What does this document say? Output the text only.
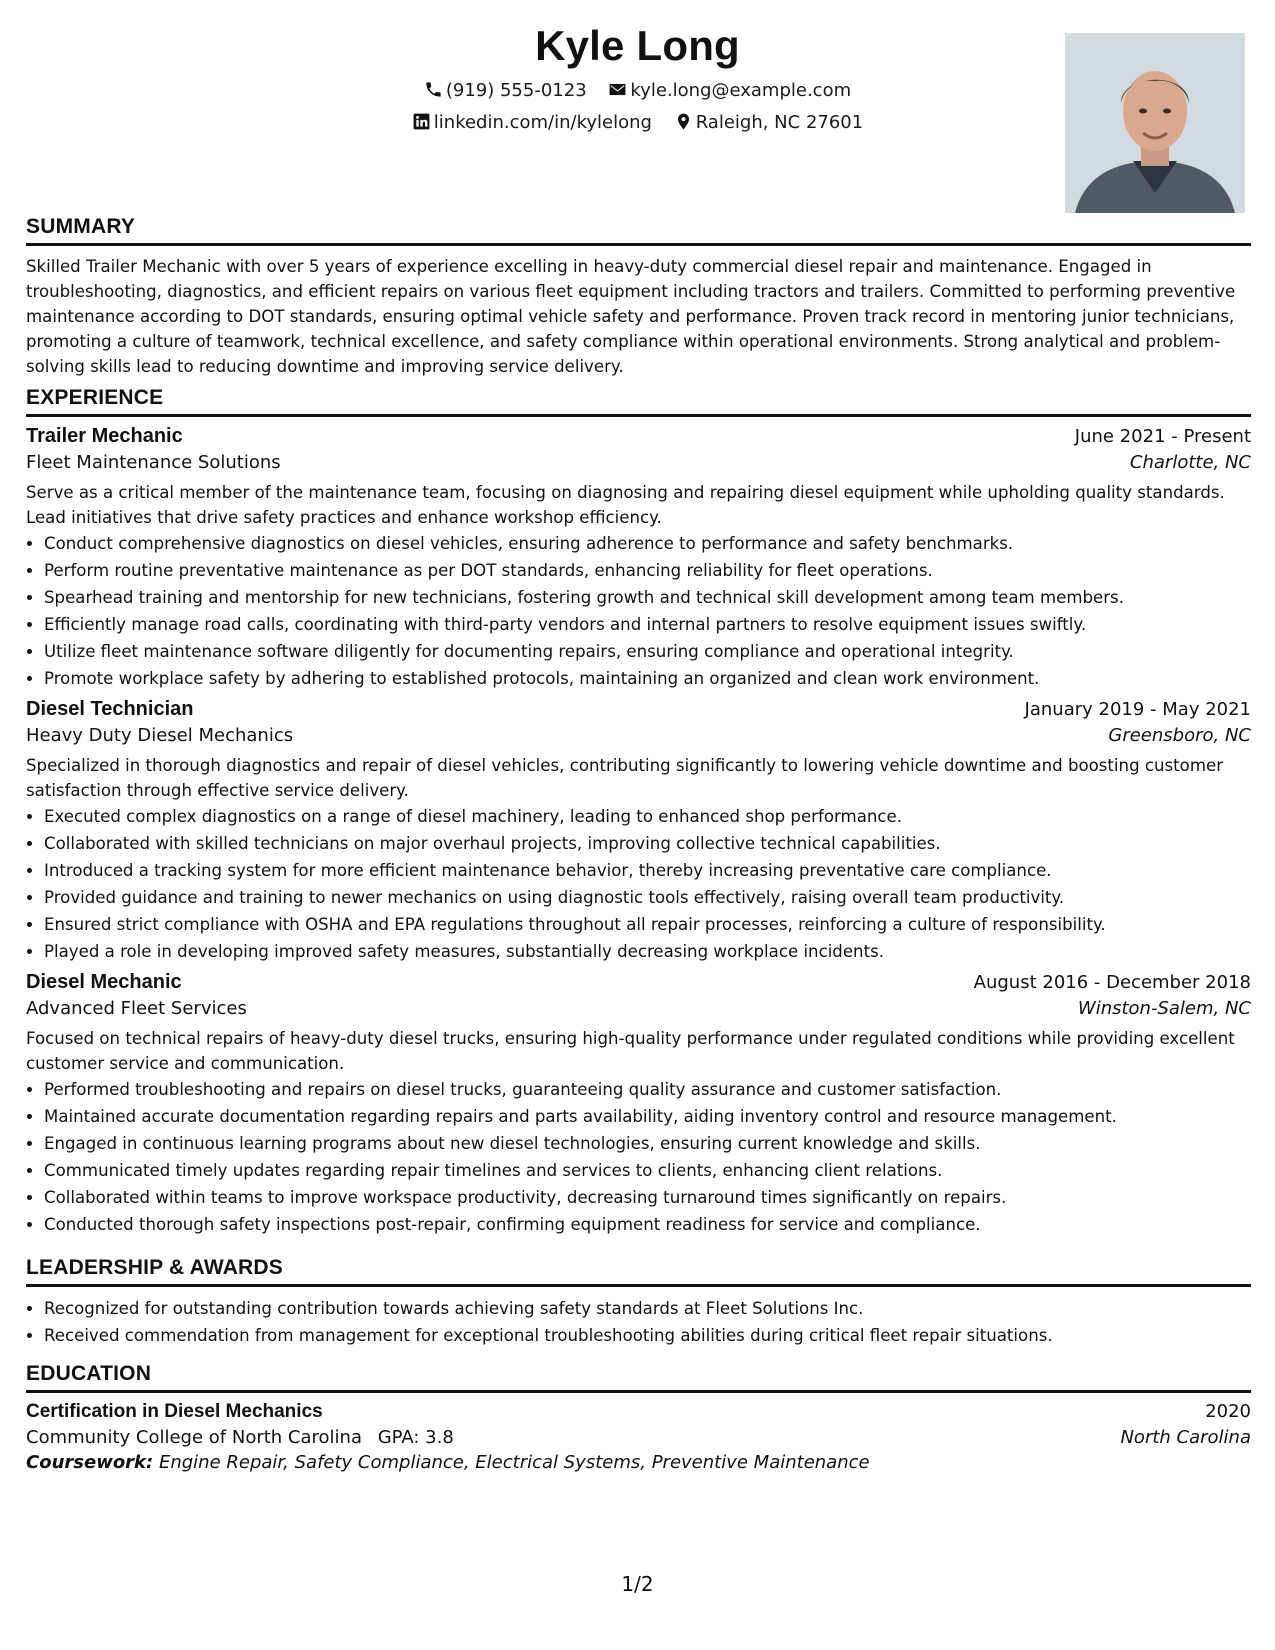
Kyle Long
(919) 555-0123 kyle.long@example.com
linkedin.com/in/kylelong Raleigh, NC 27601
SUMMARY

Skilled Trailer Mechanic with over 5 years of experience excelling in heavy-duty commercial diesel repair and maintenance. Engaged in troubleshooting, diagnostics, and efficient repairs on various fleet equipment including tractors and trailers. Committed to performing preventive maintenance according to DOT standards, ensuring optimal vehicle safety and performance. Proven track record in mentoring junior technicians, promoting a culture of teamwork, technical excellence, and safety compliance within operational environments. Strong analytical and problem-solving skills lead to reducing downtime and improving service delivery.

EXPERIENCE
Trailer Mechanic	June 2021 - Present
Fleet Maintenance Solutions	Charlotte, NC

Serve as a critical member of the maintenance team, focusing on diagnosing and repairing diesel equipment while upholding quality standards. Lead initiatives that drive safety practices and enhance workshop efficiency.

• Conduct comprehensive diagnostics on diesel vehicles, ensuring adherence to performance and safety benchmarks.
• Perform routine preventative maintenance as per DOT standards, enhancing reliability for fleet operations.
• Spearhead training and mentorship for new technicians, fostering growth and technical skill development among team members.
• Efficiently manage road calls, coordinating with third-party vendors and internal partners to resolve equipment issues swiftly.
• Utilize fleet maintenance software diligently for documenting repairs, ensuring compliance and operational integrity.
• Promote workplace safety by adhering to established protocols, maintaining an organized and clean work environment.
Diesel Technician	January 2019 - May 2021
Heavy Duty Diesel Mechanics	Greensboro, NC

Specialized in thorough diagnostics and repair of diesel vehicles, contributing significantly to lowering vehicle downtime and boosting customer satisfaction through effective service delivery.

• Executed complex diagnostics on a range of diesel machinery, leading to enhanced shop performance.
• Collaborated with skilled technicians on major overhaul projects, improving collective technical capabilities.
• Introduced a tracking system for more efficient maintenance behavior, thereby increasing preventative care compliance.
• Provided guidance and training to newer mechanics on using diagnostic tools effectively, raising overall team productivity.
• Ensured strict compliance with OSHA and EPA regulations throughout all repair processes, reinforcing a culture of responsibility.
• Played a role in developing improved safety measures, substantially decreasing workplace incidents.
Diesel Mechanic	August 2016 - December 2018
Advanced Fleet Services	Winston-Salem, NC

Focused on technical repairs of heavy-duty diesel trucks, ensuring high-quality performance under regulated conditions while providing excellent customer service and communication.

• Performed troubleshooting and repairs on diesel trucks, guaranteeing quality assurance and customer satisfaction.
• Maintained accurate documentation regarding repairs and parts availability, aiding inventory control and resource management.
• Engaged in continuous learning programs about new diesel technologies, ensuring current knowledge and skills.
• Communicated timely updates regarding repair timelines and services to clients, enhancing client relations.
• Collaborated within teams to improve workspace productivity, decreasing turnaround times significantly on repairs.
• Conducted thorough safety inspections post-repair, confirming equipment readiness for service and compliance.
LEADERSHIP & AWARDS
• Recognized for outstanding contribution towards achieving safety standards at Fleet Solutions Inc.
• Received commendation from management for exceptional troubleshooting abilities during critical fleet repair situations.
EDUCATION
Certification in Diesel Mechanics	2020
Community College of North Carolina GPA: 3.8	North Carolina
Coursework: Engine Repair, Safety Compliance, Electrical Systems, Preventive Maintenance
1/2
